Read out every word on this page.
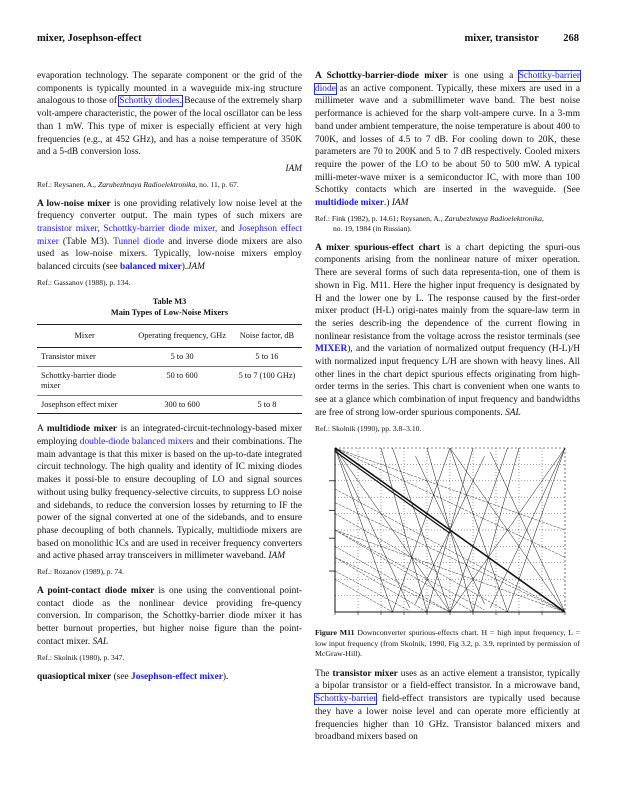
mixer, Josephson-effect	mixer, transistor 268

evaporation technology. The separate component or the grid of the components is typically mounted in a waveguide mix-ing structure analogous to those of Schottky diodes. Because of the extremely sharp volt-ampere characteristic, the power of the local oscillator can be less than 1 mW. This type of mixer is especially efficient at very high frequencies (e.g., at 452 GHz), and has a noise temperature of 350K and a 5-dB conversion loss.

IAM
Ref.: Reysanen, A., Zarubezhnaya Radioelektronika, no. 11, p. 67.

A low-noise mixer is one providing relatively low noise level at the frequency converter output. The main types of such mixers are transistor mixer, Schottky-barrier diode mixer, and Josephson effect mixer (Table M3). Tunnel diode and inverse diode mixers are also used as low-noise mixers. Typically, low-noise mixers employ balanced circuits (see balanced mixer).JAM

Ref.: Gassanov (1988), p. 134.
Table M3
Main Types of Low-Noise Mixers
Mixer	Operating frequency, GHz	Noise factor, dB
Transistor mixer	5 to 30	5 to 16
Schottky-barrier diode mixer	50 to 600	5 to 7 (100 GHz)
Josephson effect mixer	300 to 600	5 to 8

A multidiode mixer is an integrated-circuit-technology-based mixer employing double-diode balanced mixers and their combinations. The main advantage is that this mixer is based on the up-to-date integrated circuit technology. The high quality and identity of IC mixing diodes makes it possi-ble to ensure decoupling of LO and signal sources without using bulky frequency-selective circuits, to suppress LO noise and sidebands, to reduce the conversion losses by returning to IF the power of the signal converted at one of the sidebands, and to ensure phase decoupling of both channels. Typically, multidiode mixers are based on monolithic ICs and are used in receiver frequency converters and active phased array transceivers in millimeter waveband. IAM

Ref.: Rozanov (1989), p. 74.

A point-contact diode mixer is one using the conventional point-contact diode as the nonlinear device providing fre-quency conversion. In comparison, the Schottky-barrier diode mixer it has better burnout properties, but higher noise figure than the point-contact mixer. SAL

Ref.: Skolnik (1980), p. 347.

quasioptical mixer (see Josephson-effect mixer).

A Schottky-barrier-diode mixer is one using a Schottky-barrier diode as an active component. Typically, these mixers are used in a millimeter wave and a submillimeter wave band. The best noise performance is achieved for the sharp volt-ampere curve. In a 3-mm band under ambient temperature, the noise temperature is about 400 to 700K, and losses of 4.5 to 7 dB. For cooling down to 20K, these parameters are 70 to 200K and 5 to 7 dB respectively. Cooled mixers require the power of the LO to be about 50 to 500 mW. A typical milli-meter-wave mixer is a semiconductor IC, with more than 100 Schottky contacts which are inserted in the waveguide. (See multidiode mixer.) IAM

Ref.: Fink (1982), p. 14.61; Reysanen, A., Zarubezhnaya Radioelektronika,
no. 19, 1984 (in Russian).

A mixer spurious-effect chart is a chart depicting the spuri-ous components arising from the nonlinear nature of mixer operation. There are several forms of such data representa-tion, one of them is shown in Fig. M11. Here the higher input frequency is designated by H and the lower one by L. The response caused by the first-order mixer product (H-L) origi-nates mainly from the square-law term in the series describ-ing the dependence of the current flowing in nonlinear resistance from the voltage across the resistor terminals (see MIXER), and the variation of normalized output frequency (H-L)/H with normalized input frequency L/H are shown with heavy lines. All other lines in the chart depict spurious effects originating from high-order terms in the series. This chart is convenient when one wants to see at a glance which combination of input frequency and bandwidths are free of strong low-order spurious components. SAL

Ref.: Skolnik (1990), pp. 3.8–3.10.
Figure M11 Downconverter spurious-effects chart. H = high input frequency, L = low input frequency (from Skolnik, 1990, Fig 3.2, p. 3.9, reprinted by permission of McGraw-Hill).

The transistor mixer uses as an active element a transistor, typically a bipolar transistor or a field-effect transistor. In a microwave band, Schottky-barrier field-effect transistors are typically used because they have a lower noise level and can operate more efficiently at frequencies higher than 10 GHz. Transistor balanced mixers and broadband mixers based on
